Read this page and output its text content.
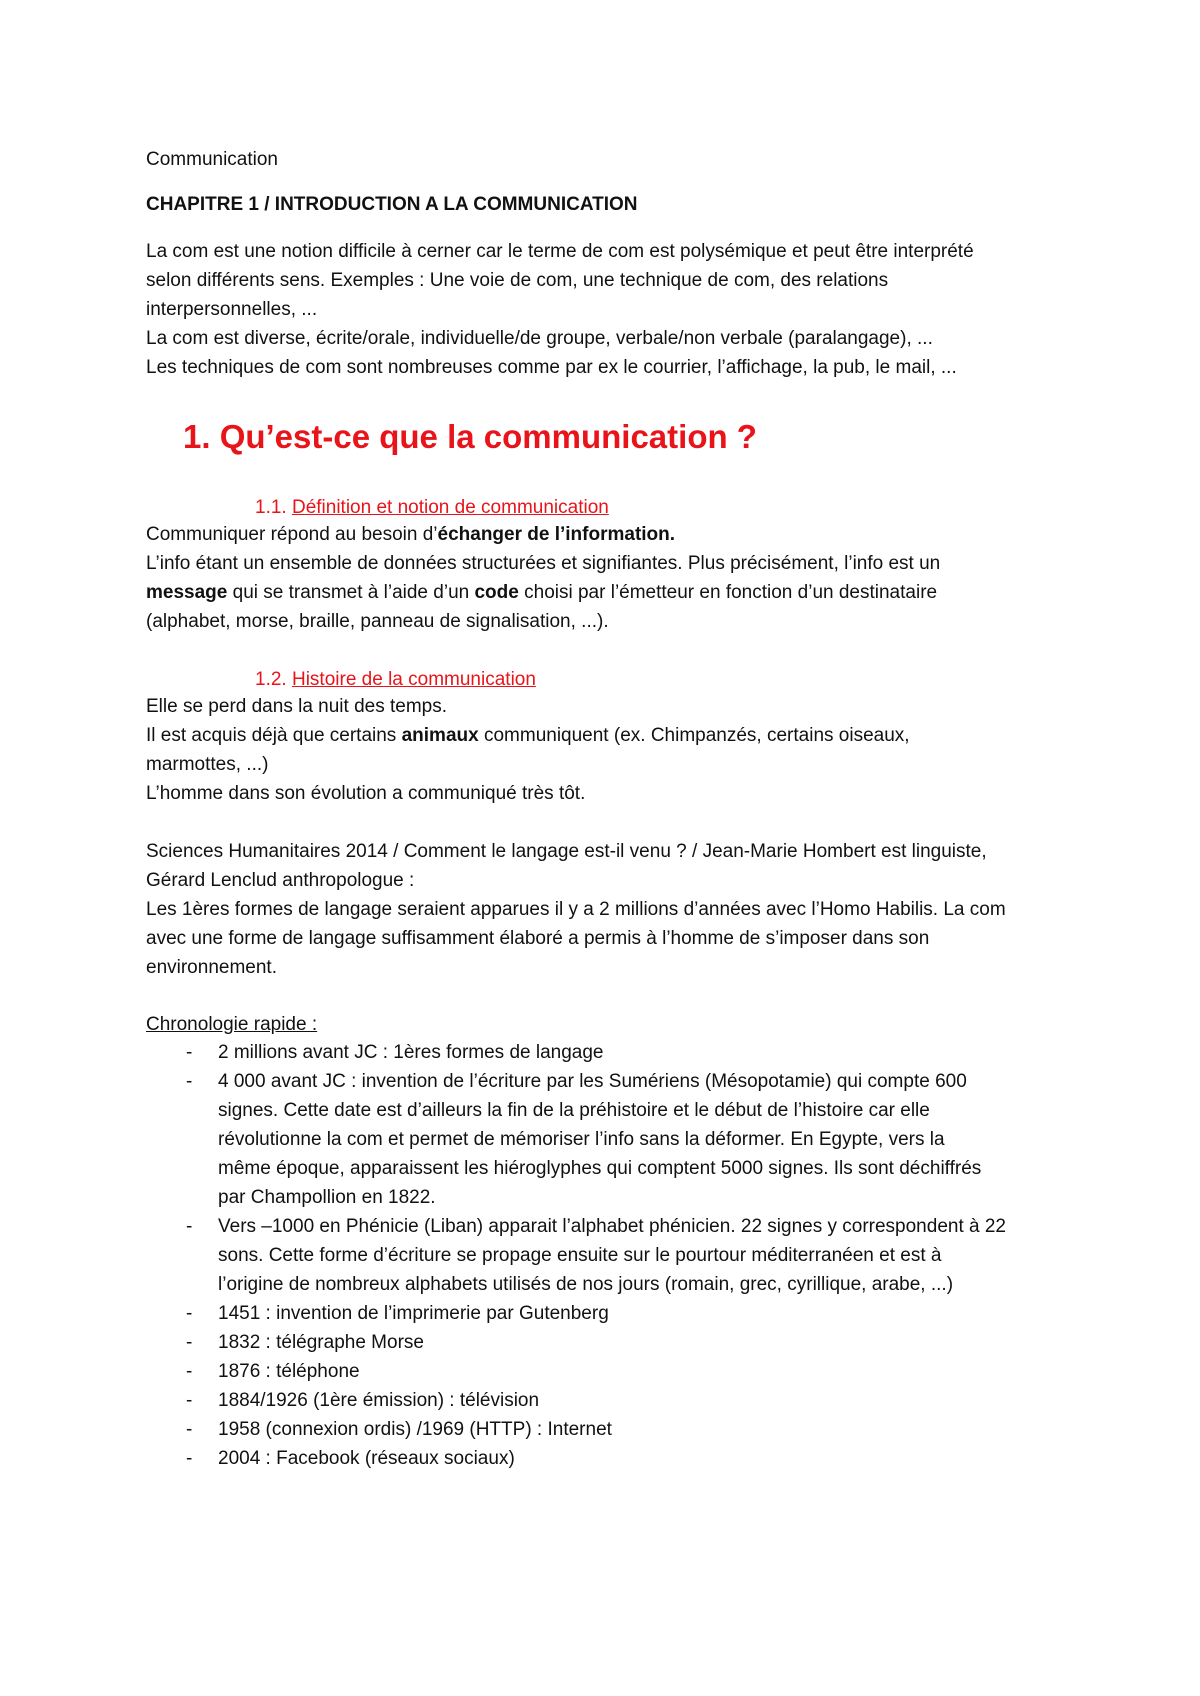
Communication

CHAPITRE 1 / INTRODUCTION A LA COMMUNICATION

La com est une notion difficile à cerner car le terme de com est polysémique et peut être interprété

selon différents sens. Exemples : Une voie de com, une technique de com, des relations

interpersonnelles, ...

La com est diverse, écrite/orale, individuelle/de groupe, verbale/non verbale (paralangage), ...

Les techniques de com sont nombreuses comme par ex le courrier, l’affichage, la pub, le mail, ...

1. Qu’est-ce que la communication ?

1.1. Définition et notion de communication

Communiquer répond au besoin d’échanger de l’information.

L’info étant un ensemble de données structurées et signifiantes. Plus précisément, l’info est un

message qui se transmet à l’aide d’un code choisi par l’émetteur en fonction d’un destinataire

(alphabet, morse, braille, panneau de signalisation, ...).

1.2. Histoire de la communication

Elle se perd dans la nuit des temps.

Il est acquis déjà que certains animaux communiquent (ex. Chimpanzés, certains oiseaux,

marmottes, ...)

L’homme dans son évolution a communiqué très tôt.

Sciences Humanitaires 2014 / Comment le langage est-il venu ? / Jean-Marie Hombert est linguiste,

Gérard Lenclud anthropologue :

Les 1ères formes de langage seraient apparues il y a 2 millions d’années avec l’Homo Habilis. La com

avec une forme de langage suffisamment élaboré a permis à l’homme de s’imposer dans son

environnement.

Chronologie rapide :

- 2 millions avant JC : 1ères formes de langage
- 4 000 avant JC : invention de l’écriture par les Sumériens (Mésopotamie) qui compte 600
signes. Cette date est d’ailleurs la fin de la préhistoire et le début de l’histoire car elle
révolutionne la com et permet de mémoriser l’info sans la déformer. En Egypte, vers la
même époque, apparaissent les hiéroglyphes qui comptent 5000 signes. Ils sont déchiffrés
par Champollion en 1822.
- Vers –1000 en Phénicie (Liban) apparait l’alphabet phénicien. 22 signes y correspondent à 22
sons. Cette forme d’écriture se propage ensuite sur le pourtour méditerranéen et est à
l’origine de nombreux alphabets utilisés de nos jours (romain, grec, cyrillique, arabe, ...)
- 1451 : invention de l’imprimerie par Gutenberg
- 1832 : télégraphe Morse
- 1876 : téléphone
- 1884/1926 (1ère émission) : télévision
- 1958 (connexion ordis) /1969 (HTTP) : Internet
- 2004 : Facebook (réseaux sociaux)
